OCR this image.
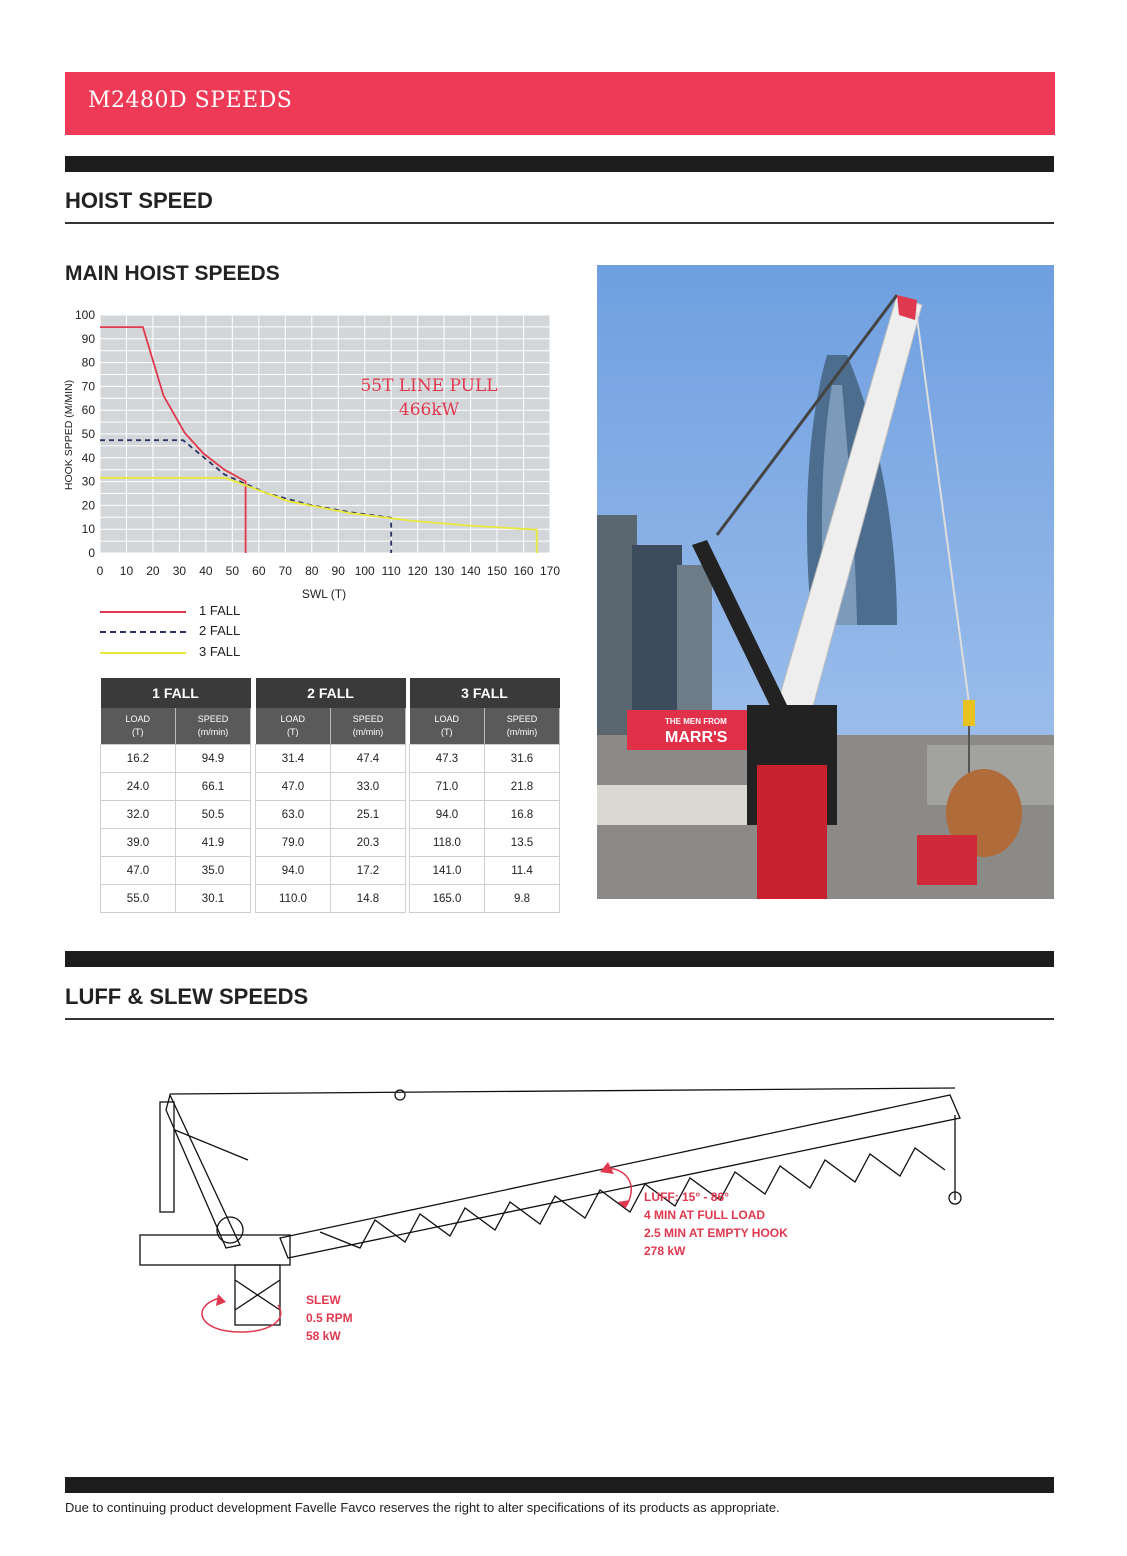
M2480D SPEEDS
HOIST SPEED
MAIN HOIST SPEEDS
100
90
80
70
60
50
40
30
20
10
0
0 10 20 30 40 50 60 70 80 90 100 110 120 130 140 150 160 170
55T LINE PULL
466kW
SWL (T)
HOOK SPPED (M/MIN)
1 FALL
2 FALL
3 FALL
1 FALL	
LOAD
(T)	SPEED
(m/min)
16.2	94.9
24.0	66.1
32.0	50.5
39.0	41.9
47.0	35.0
55.0	30.1
2 FALL	
LOAD
(T)	SPEED
(m/min)
31.4	47.4
47.0	33.0
63.0	25.1
79.0	20.3
94.0	17.2
110.0	14.8
3 FALL	
LOAD
(T)	SPEED
(m/min)
47.3	31.6
71.0	21.8
94.0	16.8
118.0	13.5
141.0	11.4
165.0	9.8
THE MEN FROM
MARR'S
LUFF & SLEW SPEEDS
LUFF: 15° - 86°
4 MIN AT FULL LOAD
2.5 MIN AT EMPTY HOOK
278 kW
SLEW
0.5 RPM
58 kW
Due to continuing product development Favelle Favco reserves the right to alter specifications of its products as appropriate.
